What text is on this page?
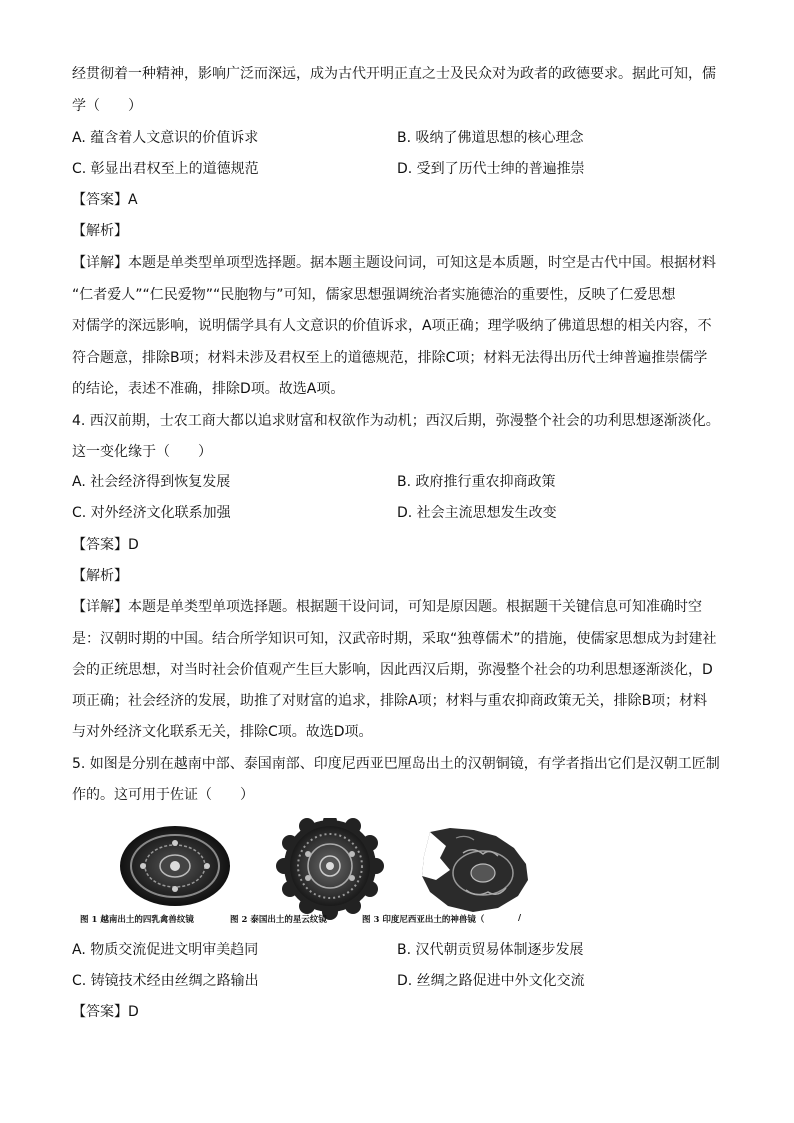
经贯彻着一种精神，影响广泛而深远，成为古代开明正直之士及民众对为政者的政德要求。据此可知，儒
学（　　）
A. 蕴含着人文意识的价值诉求	B. 吸纳了佛道思想的核心理念
C. 彰显出君权至上的道德规范	D. 受到了历代士绅的普遍推崇
【答案】A
【解析】
【详解】本题是单类型单项型选择题。据本题主题设问词，可知这是本质题，时空是古代中国。根据材料
“仁者爱人”“仁民爱物”“民胞物与”可知，儒家思想强调统治者实施德治的重要性，反映了仁爱思想
对儒学的深远影响，说明儒学具有人文意识的价值诉求，A项正确；理学吸纳了佛道思想的相关内容，不
符合题意，排除B项；材料未涉及君权至上的道德规范，排除C项；材料无法得出历代士绅普遍推崇儒学
的结论，表述不准确，排除D项。故选A项。
4. 西汉前期，士农工商大都以追求财富和权欲作为动机；西汉后期，弥漫整个社会的功利思想逐渐淡化。
这一变化缘于（　　）
A. 社会经济得到恢复发展	B. 政府推行重农抑商政策
C. 对外经济文化联系加强	D. 社会主流思想发生改变
【答案】D
【解析】
【详解】本题是单类型单项选择题。根据题干设问词，可知是原因题。根据题干关键信息可知准确时空
是：汉朝时期的中国。结合所学知识可知，汉武帝时期，采取“独尊儒术”的措施，使儒家思想成为封建社
会的正统思想，对当时社会价值观产生巨大影响，因此西汉后期，弥漫整个社会的功利思想逐渐淡化，D
项正确；社会经济的发展，助推了对财富的追求，排除A项；材料与重农抑商政策无关，排除B项；材料
与对外经济文化联系无关，排除C项。故选D项。
5. 如图是分别在越南中部、泰国南部、印度尼西亚巴厘岛出土的汉朝铜镜，有学者指出它们是汉朝工匠制
作的。这可用于佐证（　　）
图 1 越南出土的四乳禽兽纹镜	图 2 泰国出土的星云纹镜	图 3 印度尼西亚出土的神兽镜（	/
A. 物质交流促进文明审美趋同	B. 汉代朝贡贸易体制逐步发展
C. 铸镜技术经由丝绸之路输出	D. 丝绸之路促进中外文化交流
【答案】D
